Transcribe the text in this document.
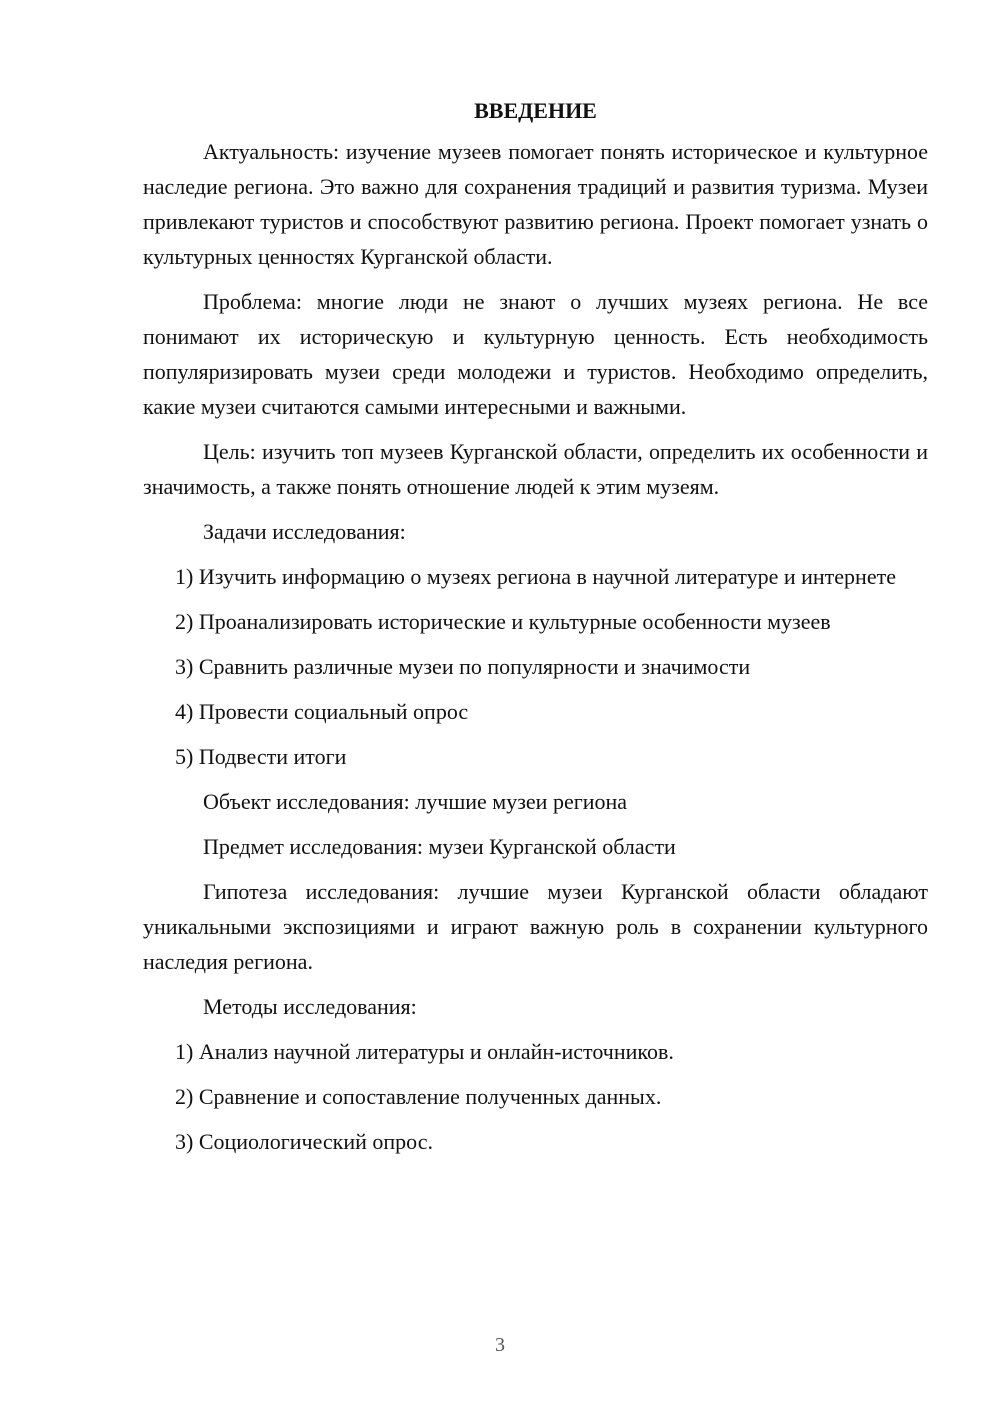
ВВЕДЕНИЕ

Актуальность: изучение музеев помогает понять историческое и культурное наследие региона. Это важно для сохранения традиций и развития туризма. Музеи привлекают туристов и способствуют развитию региона. Проект помогает узнать о культурных ценностях Курганской области.

Проблема: многие люди не знают о лучших музеях региона. Не все понимают их историческую и культурную ценность. Есть необходимость популяризировать музеи среди молодежи и туристов. Необходимо определить, какие музеи считаются самыми интересными и важными.

Цель: изучить топ музеев Курганской области, определить их особенности и значимость, а также понять отношение людей к этим музеям.

Задачи исследования:

1) Изучить информацию о музеях региона в научной литературе и интернете

2) Проанализировать исторические и культурные особенности музеев

3) Сравнить различные музеи по популярности и значимости

4) Провести социальный опрос

5) Подвести итоги

Объект исследования: лучшие музеи региона

Предмет исследования: музеи Курганской области

Гипотеза исследования: лучшие музеи Курганской области обладают уникальными экспозициями и играют важную роль в сохранении культурного наследия региона.

Методы исследования:

1) Анализ научной литературы и онлайн-источников.

2) Сравнение и сопоставление полученных данных.

3) Социологический опрос.

3
